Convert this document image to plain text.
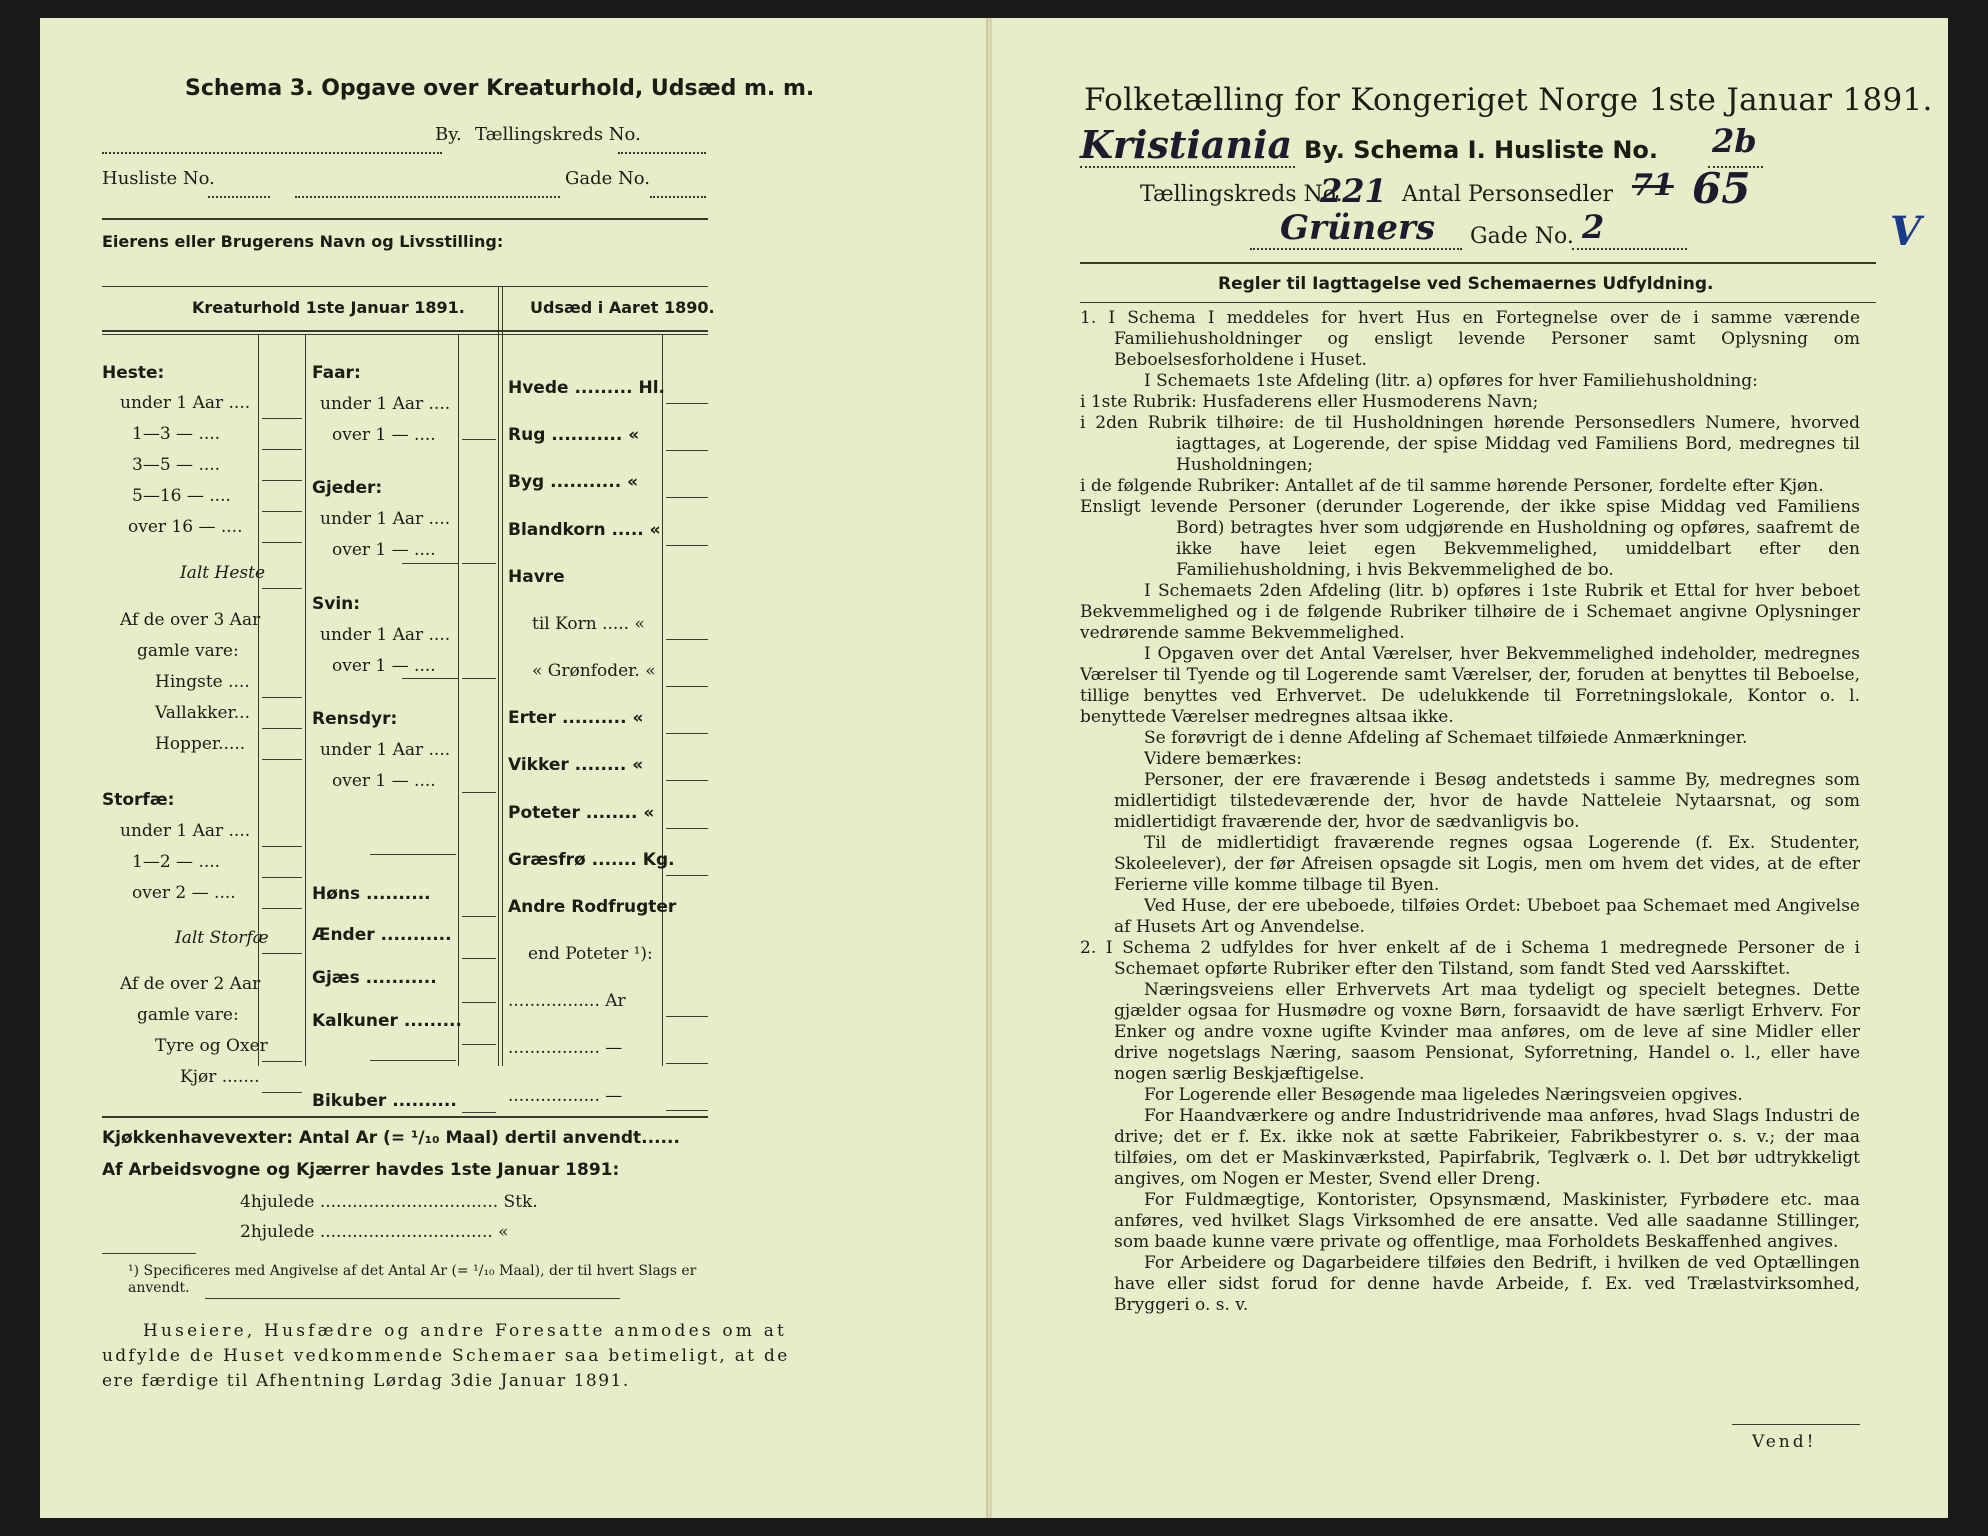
Schema 3. Opgave over Kreaturhold, Udsæd m. m.
By. Tællingskreds No.
Husliste No.	Gade No.
Eierens eller Brugerens Navn og Livsstilling:
Kreaturhold 1ste Januar 1891.	Udsæd i Aaret 1890.
Heste:
under 1 Aar ....
1—3 — ....
3—5 — ....
5—16 — ....
over 16 — ....
Ialt Heste
Af de over 3 Aar
gamle vare:
Hingste ....
Vallakker...
Hopper.....
Storfæ:
under 1 Aar ....
1—2 — ....
over 2 — ....
Ialt Storfæ
Af de over 2 Aar
gamle vare:
Tyre og Oxer
Kjør .......
Faar:
under 1 Aar ....
over 1 — ....
Gjeder:
under 1 Aar ....
over 1 — ....
Svin:
under 1 Aar ....
over 1 — ....
Rensdyr:
under 1 Aar ....
over 1 — ....
Høns ..........
Ænder ...........
Gjæs ...........
Kalkuner .........
Bikuber ..........
Hvede ......... Hl.
Rug ........... «
Byg ........... «
Blandkorn ..... «
Havre
til Korn ..... «
« Grønfoder. «
Erter .......... «
Vikker ........ «
Poteter ........ «
Græsfrø ....... Kg.
Andre Rodfrugter
end Poteter ¹):
................. Ar
................. —
................. —
Kjøkkenhavevexter: Antal Ar (= ¹/₁₀ Maal) dertil anvendt......
Af Arbeidsvogne og Kjærrer havdes 1ste Januar 1891:
4hjulede ................................. Stk.
2hjulede ................................ «
¹) Specificeres med Angivelse af det Antal Ar (= ¹/₁₀ Maal), der til hvert Slags er
anvendt.
Huseiere, Husfædre og andre Foresatte anmodes om at
udfylde de Huset vedkommende Schemaer saa betimeligt, at de
ere færdige til Afhentning Lørdag 3die Januar 1891.
Folketælling for Kongeriget Norge 1ste Januar 1891.
Kristiania By. Schema I. Husliste No. 2b
Tællingskreds No.
221 Antal Personsedler 71 65
Grüners Gade No. 2	V
Regler til Iagttagelse ved Schemaernes Udfyldning.

1. I Schema I meddeles for hvert Hus en Fortegnelse over de i samme værende Familiehusholdninger og ensligt levende Personer samt Oplysning om Beboelsesforholdene i Huset.

I Schemaets 1ste Afdeling (litr. a) opføres for hver Familiehusholdning:

i 1ste Rubrik: Husfaderens eller Husmoderens Navn;

i 2den Rubrik tilhøire: de til Husholdningen hørende Personsedlers Numere, hvorved iagttages, at Logerende, der spise Middag ved Familiens Bord, medregnes til Husholdningen;

i de følgende Rubriker: Antallet af de til samme hørende Personer, fordelte efter Kjøn.

Ensligt levende Personer (derunder Logerende, der ikke spise Middag ved Familiens Bord) betragtes hver som udgjørende en Husholdning og opføres, saafremt de ikke have leiet egen Bekvemmelighed, umiddelbart efter den Familiehusholdning, i hvis Bekvemmelighed de bo.

I Schemaets 2den Afdeling (litr. b) opføres i 1ste Rubrik et Ettal for hver beboet Bekvemmelighed og i de følgende Rubriker tilhøire de i Schemaet angivne Oplysninger vedrørende samme Bekvemmelighed.

I Opgaven over det Antal Værelser, hver Bekvemmelighed indeholder, medregnes Værelser til Tyende og til Logerende samt Værelser, der, foruden at benyttes til Beboelse, tillige benyttes ved Erhvervet. De udelukkende til Forretningslokale, Kontor o. l. benyttede Værelser medregnes altsaa ikke.

Se forøvrigt de i denne Afdeling af Schemaet tilføiede Anmærkninger.

Videre bemærkes:

Personer, der ere fraværende i Besøg andetsteds i samme By, medregnes som midlertidigt tilstedeværende der, hvor de havde Natteleie Nytaarsnat, og som midlertidigt fraværende der, hvor de sædvanligvis bo.

Til de midlertidigt fraværende regnes ogsaa Logerende (f. Ex. Studenter, Skoleelever), der før Afreisen opsagde sit Logis, men om hvem det vides, at de efter Ferierne ville komme tilbage til Byen.

Ved Huse, der ere ubeboede, tilføies Ordet: Ubeboet paa Schemaet med Angivelse af Husets Art og Anvendelse.

2. I Schema 2 udfyldes for hver enkelt af de i Schema 1 medregnede Personer de i Schemaet opførte Rubriker efter den Tilstand, som fandt Sted ved Aarsskiftet.

Næringsveiens eller Erhvervets Art maa tydeligt og specielt betegnes. Dette gjælder ogsaa for Husmødre og voxne Børn, forsaavidt de have særligt Erhverv. For Enker og andre voxne ugifte Kvinder maa anføres, om de leve af sine Midler eller drive nogetslags Næring, saasom Pensionat, Syforretning, Handel o. l., eller have nogen særlig Beskjæftigelse.

For Logerende eller Besøgende maa ligeledes Næringsveien opgives.

For Haandværkere og andre Industridrivende maa anføres, hvad Slags Industri de drive; det er f. Ex. ikke nok at sætte Fabrikeier, Fabrikbestyrer o. s. v.; der maa tilføies, om det er Maskinværksted, Papirfabrik, Teglværk o. l. Det bør udtrykkeligt angives, om Nogen er Mester, Svend eller Dreng.

For Fuldmægtige, Kontorister, Opsynsmænd, Maskinister, Fyrbødere etc. maa anføres, ved hvilket Slags Virksomhed de ere ansatte. Ved alle saadanne Stillinger, som baade kunne være private og offentlige, maa Forholdets Beskaffenhed angives.

For Arbeidere og Dagarbeidere tilføies den Bedrift, i hvilken de ved Optællingen have eller sidst forud for denne havde Arbeide, f. Ex. ved Trælastvirksomhed, Bryggeri o. s. v.

Vend!
